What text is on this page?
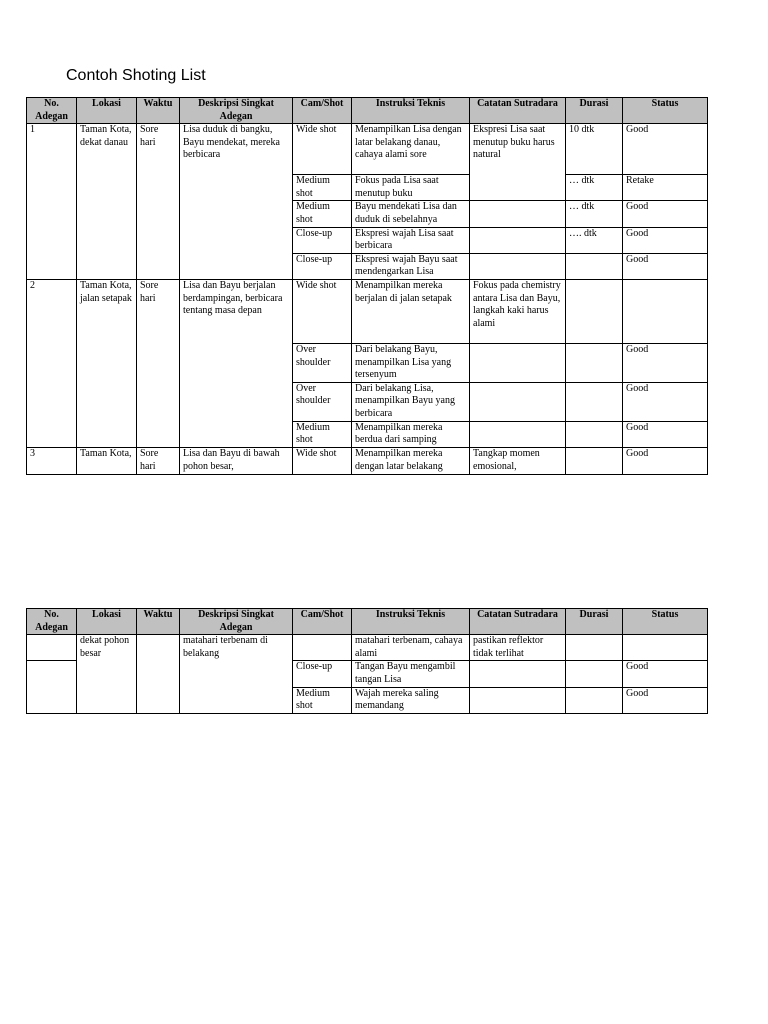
Contoh Shoting List
No. Adegan	Lokasi	Waktu	Deskripsi Singkat Adegan	Cam/Shot	Instruksi Teknis	Catatan Sutradara	Durasi	Status
1	Taman Kota, dekat danau	Sore hari	Lisa duduk di bangku, Bayu mendekat, mereka berbicara	Wide shot	Menampilkan Lisa dengan latar belakang danau, cahaya alami sore	Ekspresi Lisa saat menutup buku harus natural	10 dtk	Good
				Medium shot	Fokus pada Lisa saat menutup buku		… dtk	Retake
				Medium shot	Bayu mendekati Lisa dan duduk di sebelahnya		… dtk	Good
				Close-up	Ekspresi wajah Lisa saat berbicara		…. dtk	Good
				Close-up	Ekspresi wajah Bayu saat mendengarkan Lisa			Good
2	Taman Kota, jalan setapak	Sore hari	Lisa dan Bayu berjalan berdampingan, berbicara tentang masa depan	Wide shot	Menampilkan mereka berjalan di jalan setapak	Fokus pada chemistry antara Lisa dan Bayu, langkah kaki harus alami		
				Over shoulder	Dari belakang Bayu, menampilkan Lisa yang tersenyum			Good
				Over shoulder	Dari belakang Lisa, menampilkan Bayu yang berbicara			Good
				Medium shot	Menampilkan mereka berdua dari samping			Good
3	Taman Kota,	Sore hari	Lisa dan Bayu di bawah pohon besar,	Wide shot	Menampilkan mereka dengan latar belakang	Tangkap momen emosional,		Good
No. Adegan	Lokasi	Waktu	Deskripsi Singkat Adegan	Cam/Shot	Instruksi Teknis	Catatan Sutradara	Durasi	Status
	dekat pohon besar		matahari terbenam di belakang		matahari terbenam, cahaya alami	pastikan reflektor tidak terlihat		
				Close-up	Tangan Bayu mengambil tangan Lisa			Good
				Medium shot	Wajah mereka saling memandang			Good
